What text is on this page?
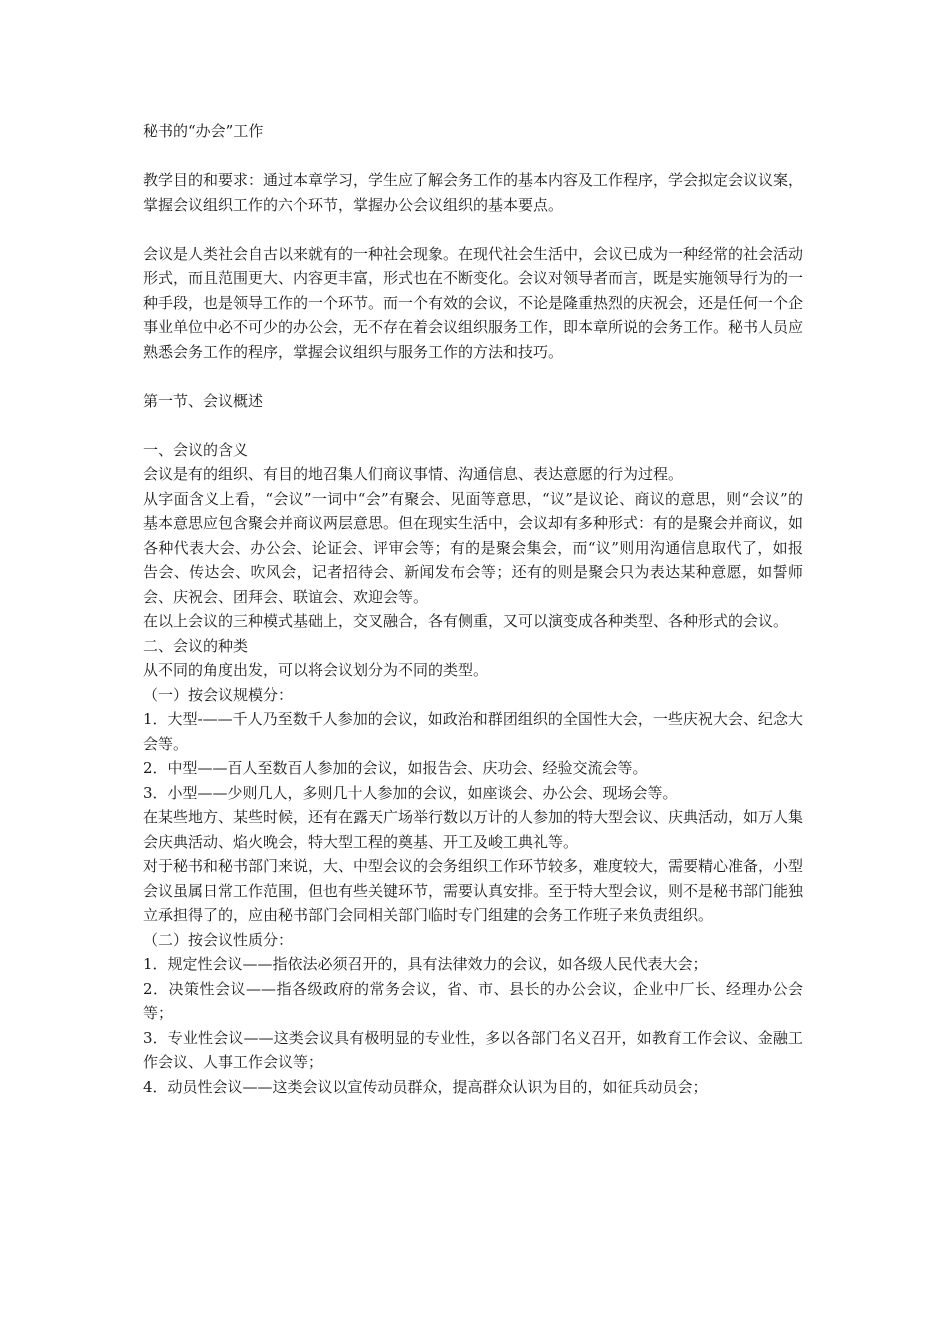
秘书的“办会”工作

教学目的和要求：通过本章学习，学生应了解会务工作的基本内容及工作程序，学会拟定会议议案，掌握会议组织工作的六个环节，掌握办公会议组织的基本要点。

会议是人类社会自古以来就有的一种社会现象。在现代社会生活中，会议已成为一种经常的社会活动形式，而且范围更大、内容更丰富，形式也在不断变化。会议对领导者而言，既是实施领导行为的一种手段，也是领导工作的一个环节。而一个有效的会议，不论是隆重热烈的庆祝会，还是任何一个企事业单位中必不可少的办公会，无不存在着会议组织服务工作，即本章所说的会务工作。秘书人员应熟悉会务工作的程序，掌握会议组织与服务工作的方法和技巧。

第一节、会议概述

一、会议的含义

会议是有的组织、有目的地召集人们商议事情、沟通信息、表达意愿的行为过程。

从字面含义上看，“会议”一词中“会”有聚会、见面等意思，“议”是议论、商议的意思，则“会议”的基本意思应包含聚会并商议两层意思。但在现实生活中，会议却有多种形式：有的是聚会并商议，如各种代表大会、办公会、论证会、评审会等；有的是聚会集会，而“议”则用沟通信息取代了，如报告会、传达会、吹风会，记者招待会、新闻发布会等；还有的则是聚会只为表达某种意愿，如誓师会、庆祝会、团拜会、联谊会、欢迎会等。

在以上会议的三种模式基础上，交叉融合，各有侧重，又可以演变成各种类型、各种形式的会议。

二、会议的种类

从不同的角度出发，可以将会议划分为不同的类型。

（一）按会议规模分：

1．大型-——千人乃至数千人参加的会议，如政治和群团组织的全国性大会，一些庆祝大会、纪念大会等。

2．中型——百人至数百人参加的会议，如报告会、庆功会、经验交流会等。

3．小型——少则几人，多则几十人参加的会议，如座谈会、办公会、现场会等。

在某些地方、某些时候，还有在露天广场举行数以万计的人参加的特大型会议、庆典活动，如万人集会庆典活动、焰火晚会，特大型工程的奠基、开工及峻工典礼等。

对于秘书和秘书部门来说，大、中型会议的会务组织工作环节较多，难度较大，需要精心准备，小型会议虽属日常工作范围，但也有些关键环节，需要认真安排。至于特大型会议，则不是秘书部门能独立承担得了的，应由秘书部门会同相关部门临时专门组建的会务工作班子来负责组织。

（二）按会议性质分：

1．规定性会议——指依法必须召开的，具有法律效力的会议，如各级人民代表大会；

2．决策性会议——指各级政府的常务会议，省、市、县长的办公会议，企业中厂长、经理办公会等；

3．专业性会议——这类会议具有极明显的专业性，多以各部门名义召开，如教育工作会议、金融工作会议、人事工作会议等；

4．动员性会议——这类会议以宣传动员群众，提高群众认识为目的，如征兵动员会；
